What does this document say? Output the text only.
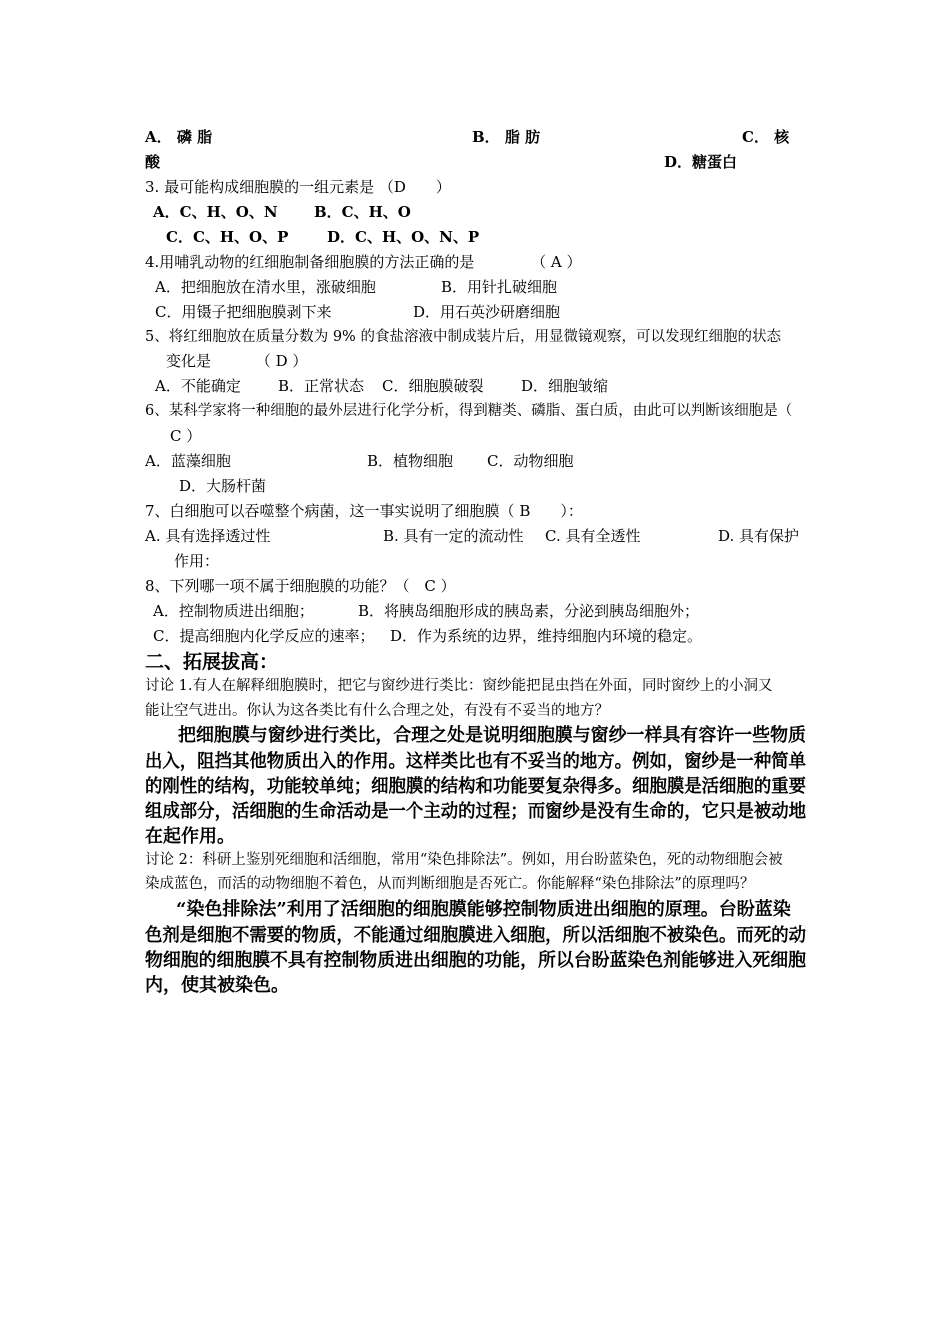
A． 磷 脂	B． 脂 肪	C． 核
酸	D．糖蛋白
3. 最可能构成细胞膜的一组元素是 （D　　）
A．C、H、O、N B．C、H、O
C．C、H、O、P	D．C、H、O、N、P
4.用哺乳动物的红细胞制备细胞膜的方法正确的是	（ A ）
A．把细胞放在清水里，涨破细胞	B．用针扎破细胞
C．用镊子把细胞膜剥下来	D．用石英沙研磨细胞
5、将红细胞放在质量分数为 9% 的食盐溶液中制成装片后，用显微镜观察，可以发现红细胞的状态
变化是	（ D ）
A．不能确定 B．正常状态 C．细胞膜破裂	D．细胞皱缩
6、某科学家将一种细胞的最外层进行化学分析，得到糖类、磷脂、蛋白质，由此可以判断该细胞是（
C ）
A．蓝藻细胞	B．植物细胞 C．动物细胞
D．大肠杆菌
7、白细胞可以吞噬整个病菌，这一事实说明了细胞膜（ B　　）：
A. 具有选择透过性	B. 具有一定的流动性 C. 具有全透性	D. 具有保护
作用：
8、下列哪一项不属于细胞膜的功能？（ C ）
A．控制物质进出细胞；	B．将胰岛细胞形成的胰岛素，分泌到胰岛细胞外；
C．提高细胞内化学反应的速率； D．作为系统的边界，维持细胞内环境的稳定。
二、拓展拔高：
讨论 1.有人在解释细胞膜时，把它与窗纱进行类比：窗纱能把昆虫挡在外面，同时窗纱上的小洞又
能让空气进出。你认为这各类比有什么合理之处，有没有不妥当的地方？
把细胞膜与窗纱进行类比，合理之处是说明细胞膜与窗纱一样具有容许一些物质
出入，阻挡其他物质出入的作用。这样类比也有不妥当的地方。例如，窗纱是一种简单
的刚性的结构，功能较单纯；细胞膜的结构和功能要复杂得多。细胞膜是活细胞的重要
组成部分，活细胞的生命活动是一个主动的过程；而窗纱是没有生命的，它只是被动地
在起作用。
讨论 2：科研上鉴别死细胞和活细胞，常用“染色排除法”。例如，用台盼蓝染色，死的动物细胞会被
染成蓝色，而活的动物细胞不着色，从而判断细胞是否死亡。你能解释“染色排除法”的原理吗？
“染色排除法”利用了活细胞的细胞膜能够控制物质进出细胞的原理。台盼蓝染
色剂是细胞不需要的物质，不能通过细胞膜进入细胞，所以活细胞不被染色。而死的动
物细胞的细胞膜不具有控制物质进出细胞的功能，所以台盼蓝染色剂能够进入死细胞
内，使其被染色。
